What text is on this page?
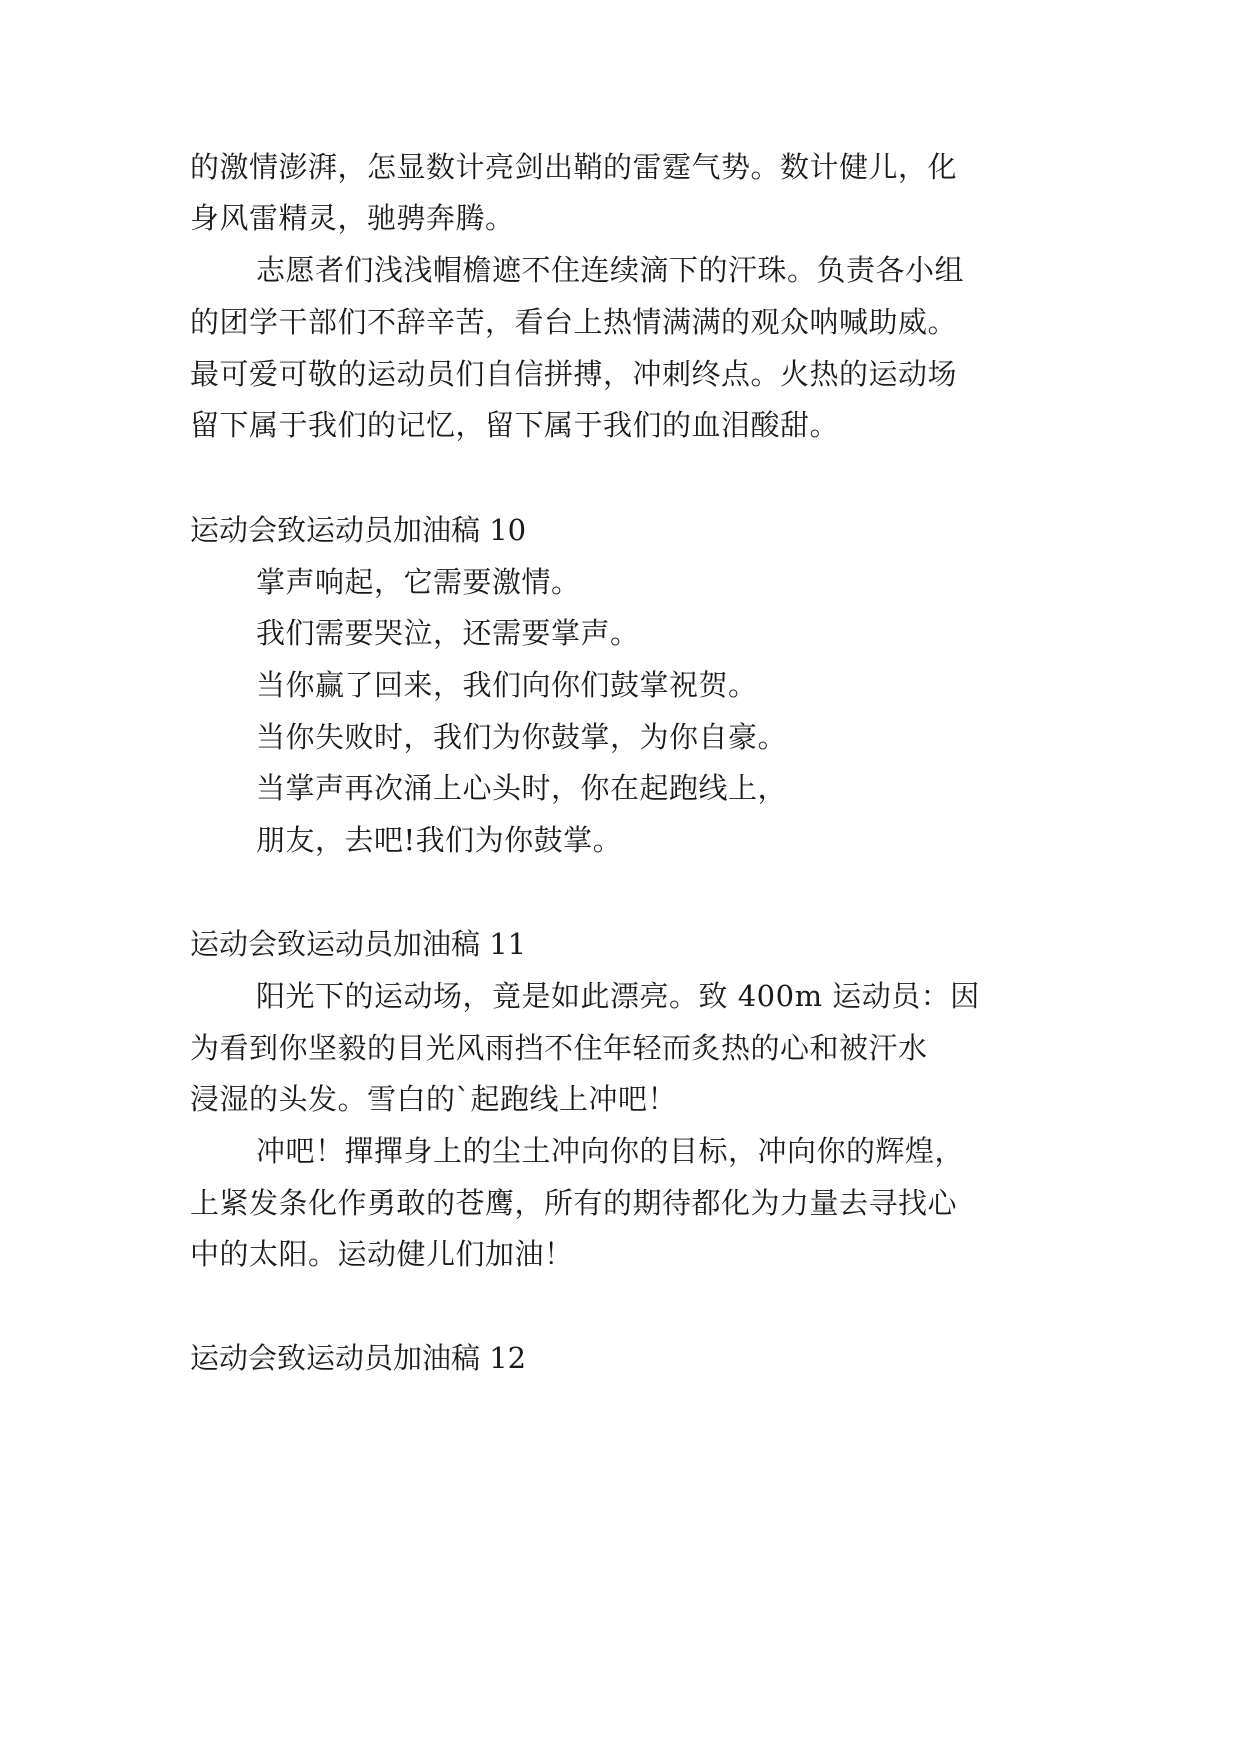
的激情澎湃，怎显数计亮剑出鞘的雷霆气势。数计健儿，化
身风雷精灵，驰骋奔腾。
志愿者们浅浅帽檐遮不住连续滴下的汗珠。负责各小组
的团学干部们不辞辛苦，看台上热情满满的观众呐喊助威。
最可爱可敬的运动员们自信拼搏，冲刺终点。火热的运动场
留下属于我们的记忆，留下属于我们的血泪酸甜。
运动会致运动员加油稿 10
掌声响起，它需要激情。
我们需要哭泣，还需要掌声。
当你赢了回来，我们向你们鼓掌祝贺。
当你失败时，我们为你鼓掌，为你自豪。
当掌声再次涌上心头时，你在起跑线上，
朋友，去吧!我们为你鼓掌。
运动会致运动员加油稿 11
阳光下的运动场，竟是如此漂亮。致 400m 运动员：因
为看到你坚毅的目光风雨挡不住年轻而炙热的心和被汗水
浸湿的头发。雪白的`起跑线上冲吧！
冲吧！撣撣身上的尘土冲向你的目标，冲向你的辉煌，
上紧发条化作勇敢的苍鹰，所有的期待都化为力量去寻找心
中的太阳。运动健儿们加油！
运动会致运动员加油稿 12
